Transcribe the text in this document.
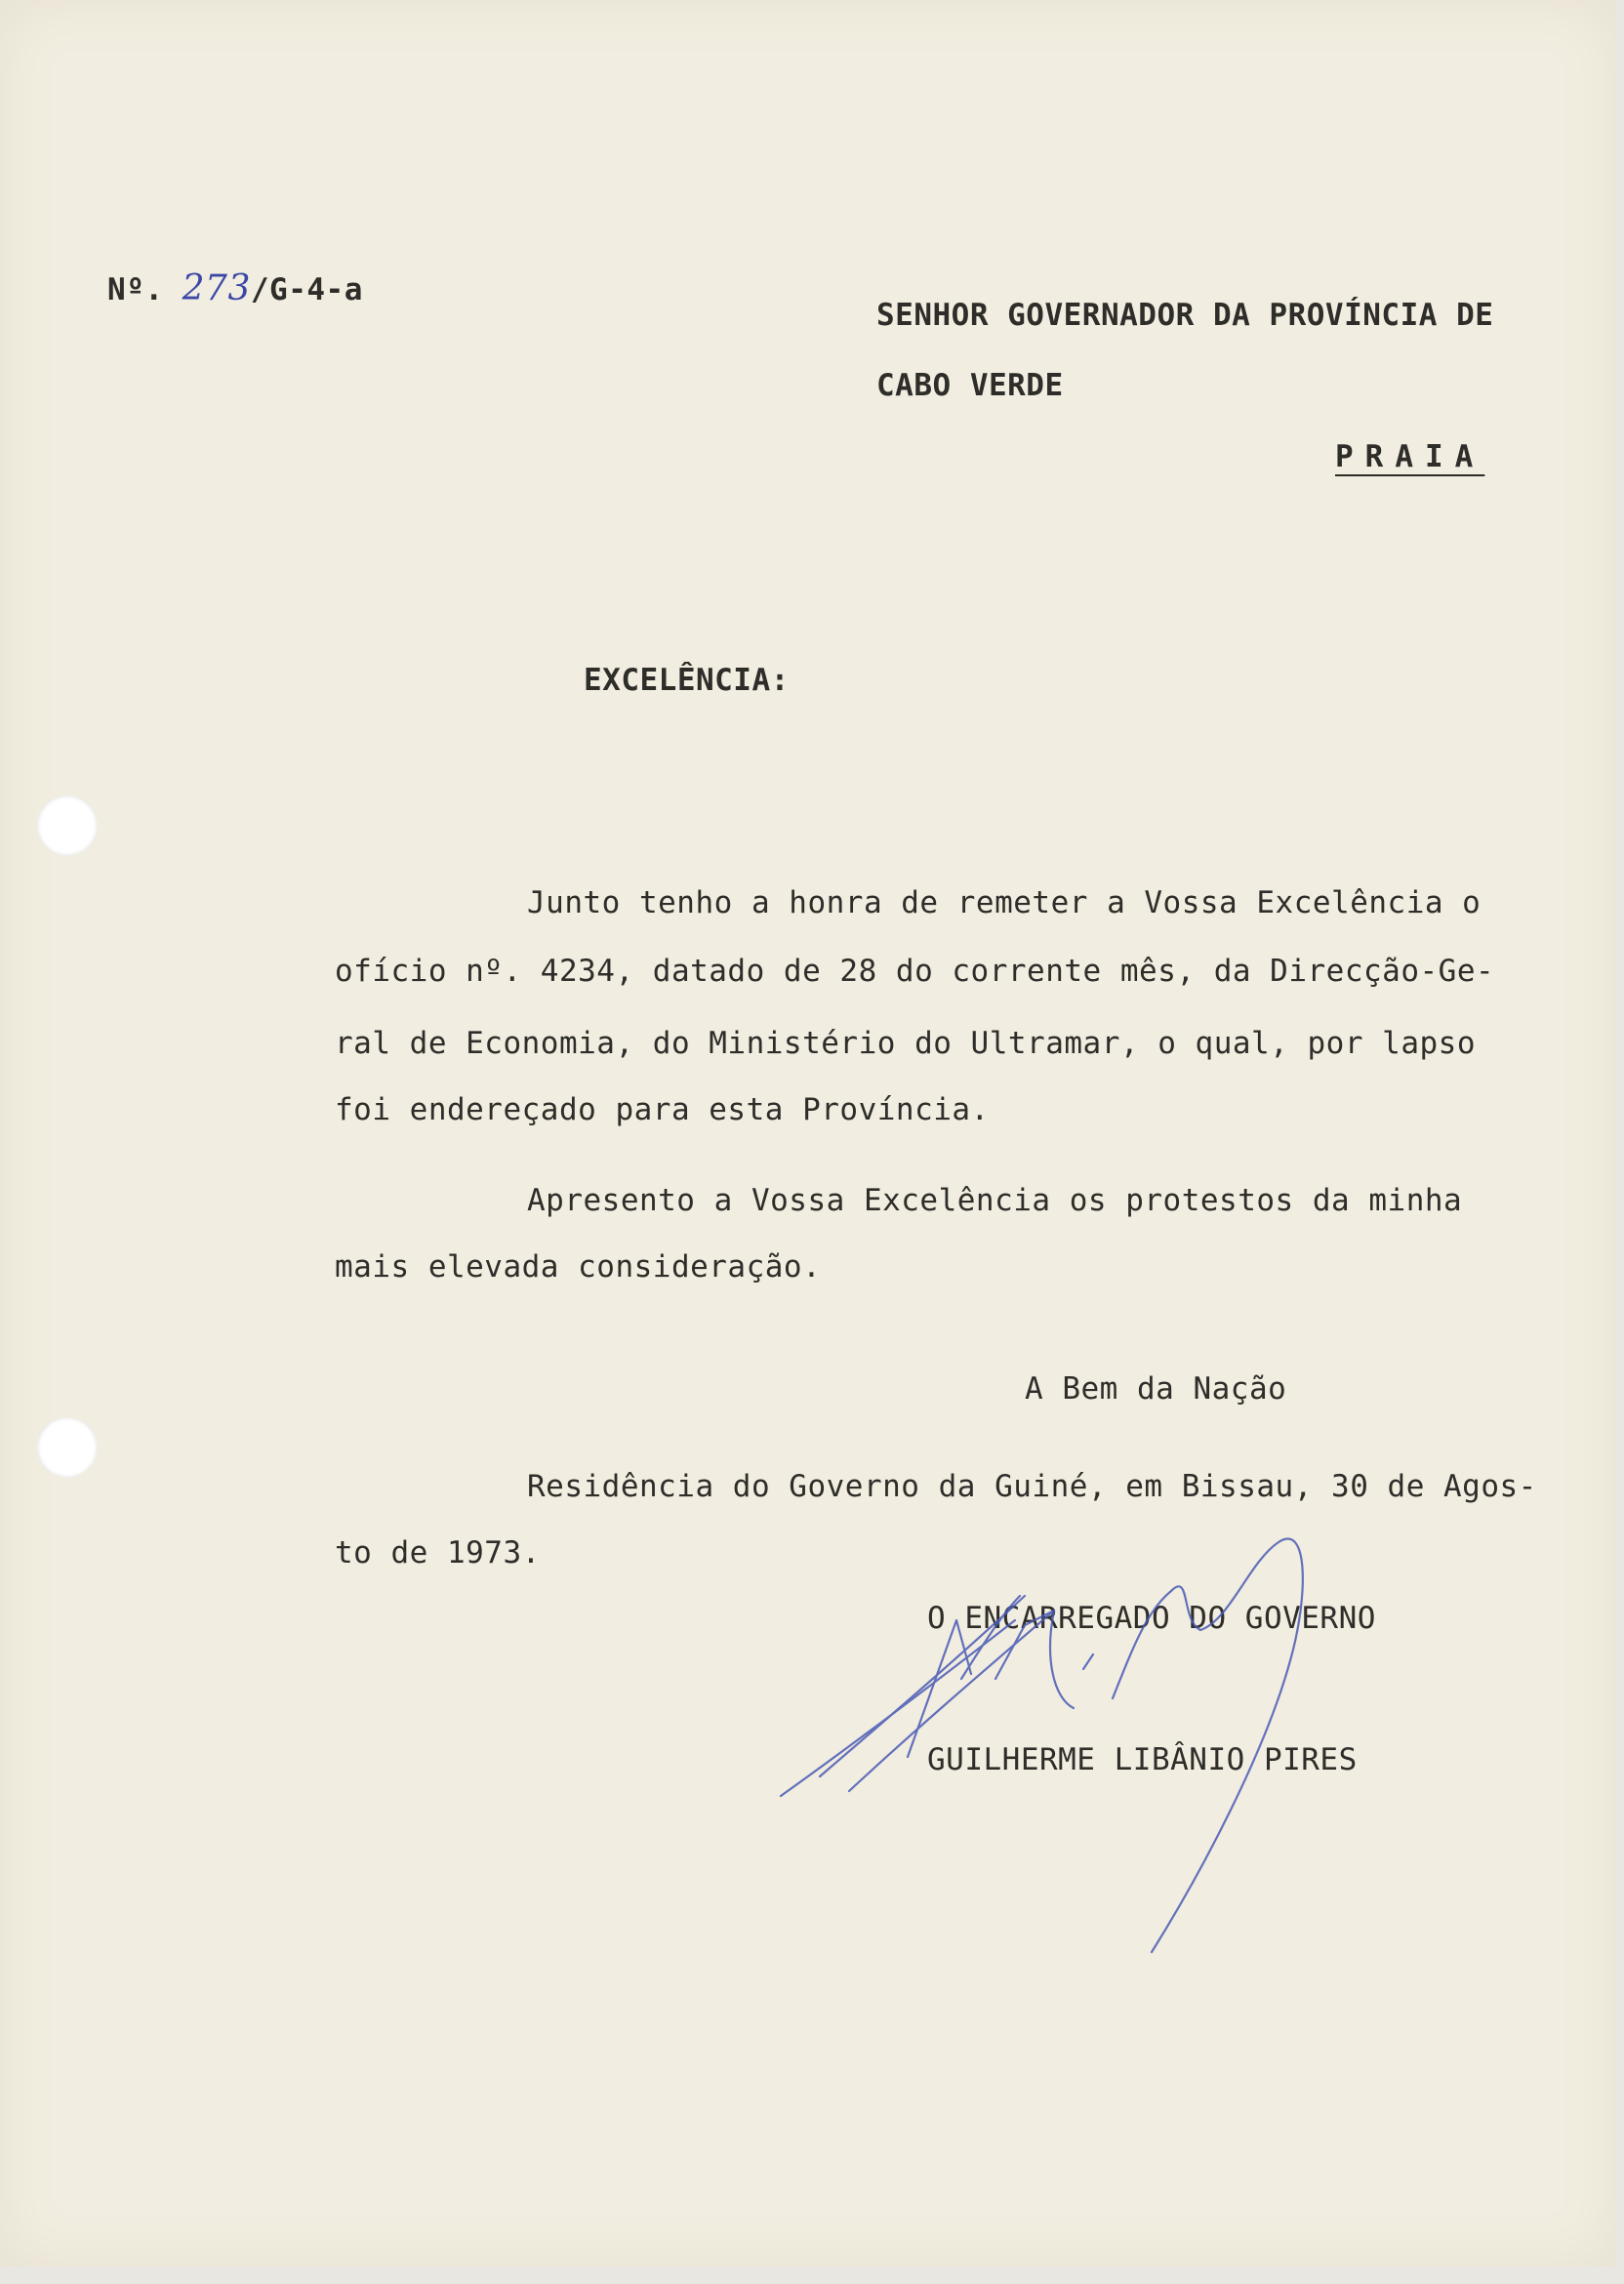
Nº. 273/G-4-a
SENHOR GOVERNADOR DA PROVÍNCIA DE
CABO VERDE
PRAIA
EXCELÊNCIA:
Junto tenho a honra de remeter a Vossa Excelência o
ofício nº. 4234, datado de 28 do corrente mês, da Direcção-Ge-
ral de Economia, do Ministério do Ultramar, o qual, por lapso
foi endereçado para esta Província.
Apresento a Vossa Excelência os protestos da minha
mais elevada consideração.
A Bem da Nação
Residência do Governo da Guiné, em Bissau, 30 de Agos-
to de 1973.
O ENCARREGADO DO GOVERNO
GUILHERME LIBÂNIO PIRES
